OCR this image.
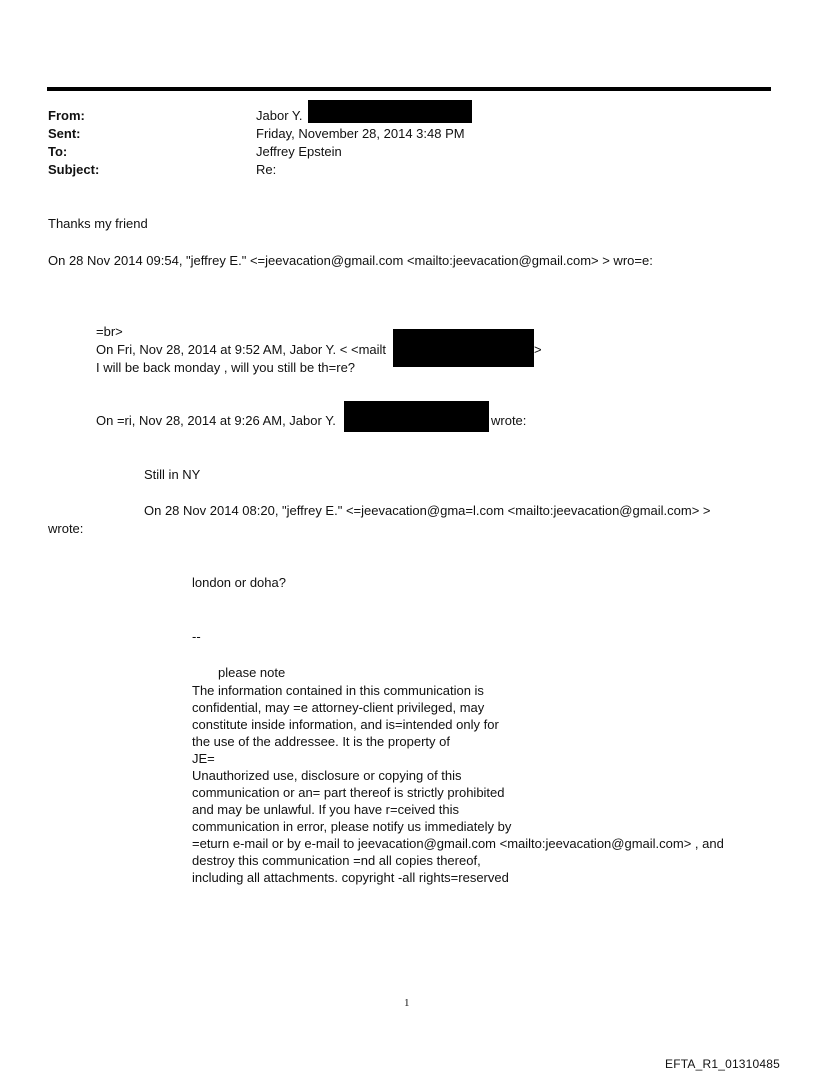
From:
Sent:
To:
Subject:
Jabor Y.
Friday, November 28, 2014 3:48 PM
Jeffrey Epstein
Re:
Thanks my friend
On 28 Nov 2014 09:54, "jeffrey E." <=jeevacation@gmail.com <mailto:jeevacation@gmail.com> > wro=e:
=br>
On Fri, Nov 28, 2014 at 9:52 AM, Jabor Y. < <mailt	>
I will be back monday , will you still be th=re?
On =ri, Nov 28, 2014 at 9:26 AM, Jabor Y.	wrote:
Still in NY
On 28 Nov 2014 08:20, "jeffrey E." <=jeevacation@gma=l.com <mailto:jeevacation@gmail.com> >
wrote:
london or doha?
--
please note
The information contained in this communication is
confidential, may =e attorney-client privileged, may
constitute inside information, and is=intended only for
the use of the addressee. It is the property of
JE=
Unauthorized use, disclosure or copying of this
communication or an= part thereof is strictly prohibited
and may be unlawful. If you have r=ceived this
communication in error, please notify us immediately by
=eturn e-mail or by e-mail to jeevacation@gmail.com <mailto:jeevacation@gmail.com> , and
destroy this communication =nd all copies thereof,
including all attachments. copyright -all rights=reserved
1
EFTA_R1_01310485
